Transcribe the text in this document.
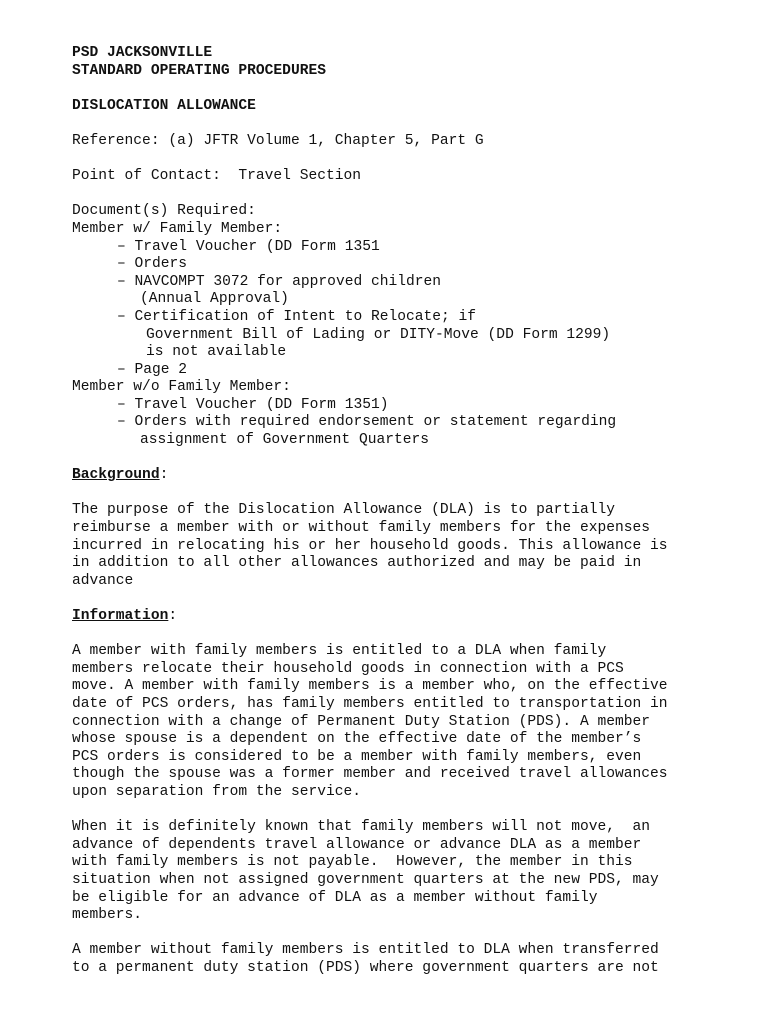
PSD JACKSONVILLE
STANDARD OPERATING PROCEDURES
DISLOCATION ALLOWANCE
Reference: (a) JFTR Volume 1, Chapter 5, Part G
Point of Contact:  Travel Section
Document(s) Required:
Member w/ Family Member:
– Travel Voucher (DD Form 1351
– Orders
– NAVCOMPT 3072 for approved children
(Annual Approval)
– Certification of Intent to Relocate; if
Government Bill of Lading or DITY-Move (DD Form 1299)
is not available
– Page 2
Member w/o Family Member:
– Travel Voucher (DD Form 1351)
– Orders with required endorsement or statement regarding
assignment of Government Quarters
Background:
The purpose of the Dislocation Allowance (DLA) is to partially
reimburse a member with or without family members for the expenses
incurred in relocating his or her household goods. This allowance is
in addition to all other allowances authorized and may be paid in
advance
Information:
A member with family members is entitled to a DLA when family
members relocate their household goods in connection with a PCS
move. A member with family members is a member who, on the effective
date of PCS orders, has family members entitled to transportation in
connection with a change of Permanent Duty Station (PDS). A member
whose spouse is a dependent on the effective date of the member’s
PCS orders is considered to be a member with family members, even
though the spouse was a former member and received travel allowances
upon separation from the service.
When it is definitely known that family members will not move,  an
advance of dependents travel allowance or advance DLA as a member
with family members is not payable.  However, the member in this
situation when not assigned government quarters at the new PDS, may
be eligible for an advance of DLA as a member without family
members.
A member without family members is entitled to DLA when transferred
to a permanent duty station (PDS) where government quarters are not
